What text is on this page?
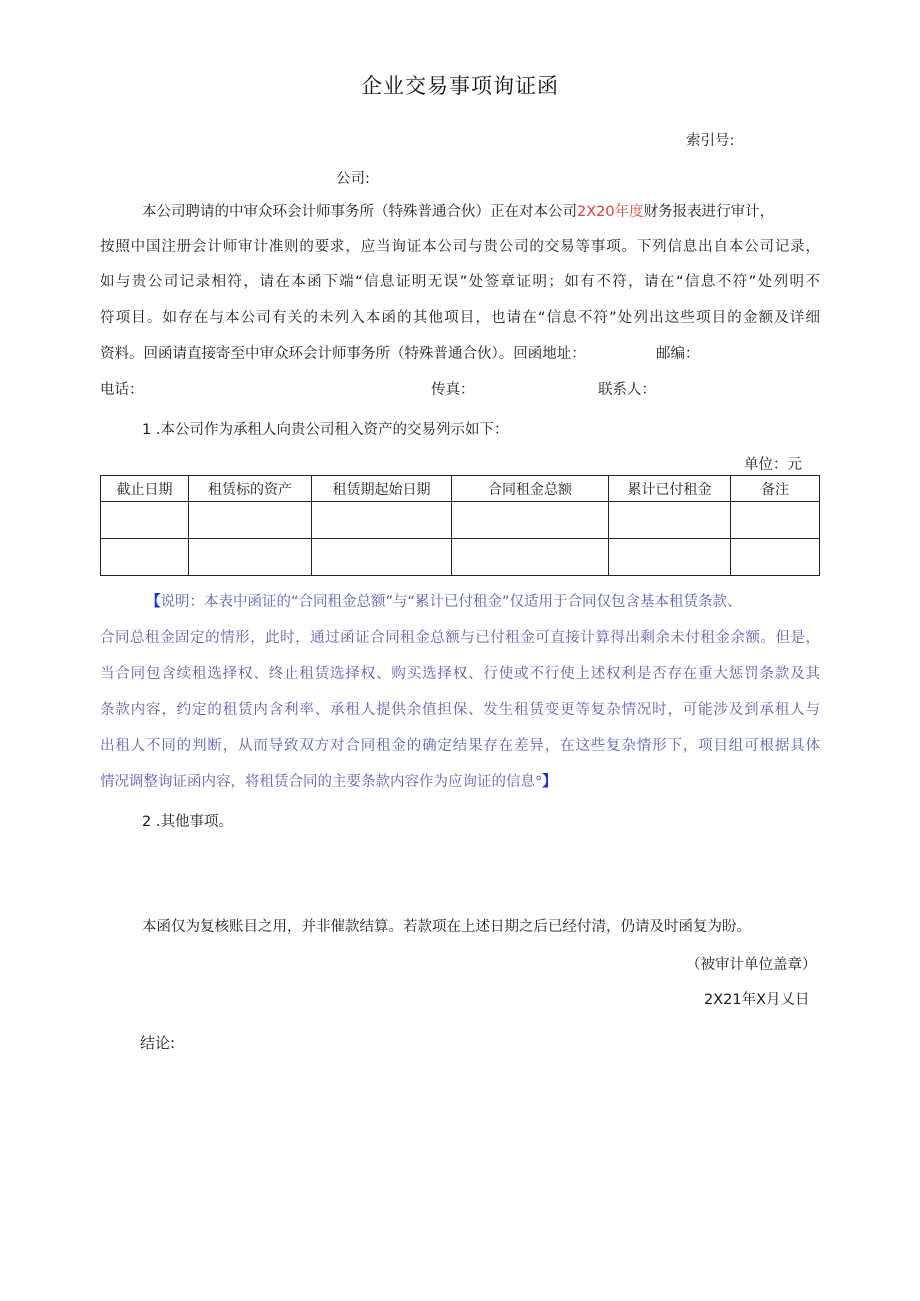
企业交易事项询证函
索引号:
公司:
本公司聘请的中审众环会计师事务所（特殊普通合伙）正在对本公司2X20年度财务报表进行审计，
按照中国注册会计师审计准则的要求，应当询证本公司与贵公司的交易等事项。下列信息出自本公司记录，
如与贵公司记录相符，请在本函下端“信息证明无误”处签章证明；如有不符，请在“信息不符”处列明不
符项目。如存在与本公司有关的未列入本函的其他项目，也请在“信息不符”处列出这些项目的金额及详细
资料。回函请直接寄至中审众环会计师事务所（特殊普通合伙）。回函地址：	邮编：
电话：	传真：	联系人：
1 .本公司作为承租人向贵公司租入资产的交易列示如下：
单位：元
截止日期	租赁标的资产	租赁期起始日期	合同租金总额	累计已付租金	备注

【说明：本表中函证的“合同租金总额”与“累计已付租金”仅适用于合同仅包含基本租赁条款、
合同总租金固定的情形，此时，通过函证合同租金总额与已付租金可直接计算得出剩余未付租金余额。但是，
当合同包含续租选择权、终止租赁选择权、购买选择权、行使或不行使上述权利是否存在重大惩罚条款及其
条款内容，约定的租赁内含利率、承租人提供余值担保、发生租赁变更等复杂情况时，可能涉及到承租人与
出租人不同的判断，从而导致双方对合同租金的确定结果存在差异，在这些复杂情形下，项目组可根据具体
情况调整询证函内容，将租赁合同的主要条款内容作为应询证的信息°】
2 .其他事项。
本函仅为复核账目之用，并非催款结算。若款项在上述日期之后已经付清，仍请及时函复为盼。
（被审计单位盖章）
2X21年X月乂日
结论:
